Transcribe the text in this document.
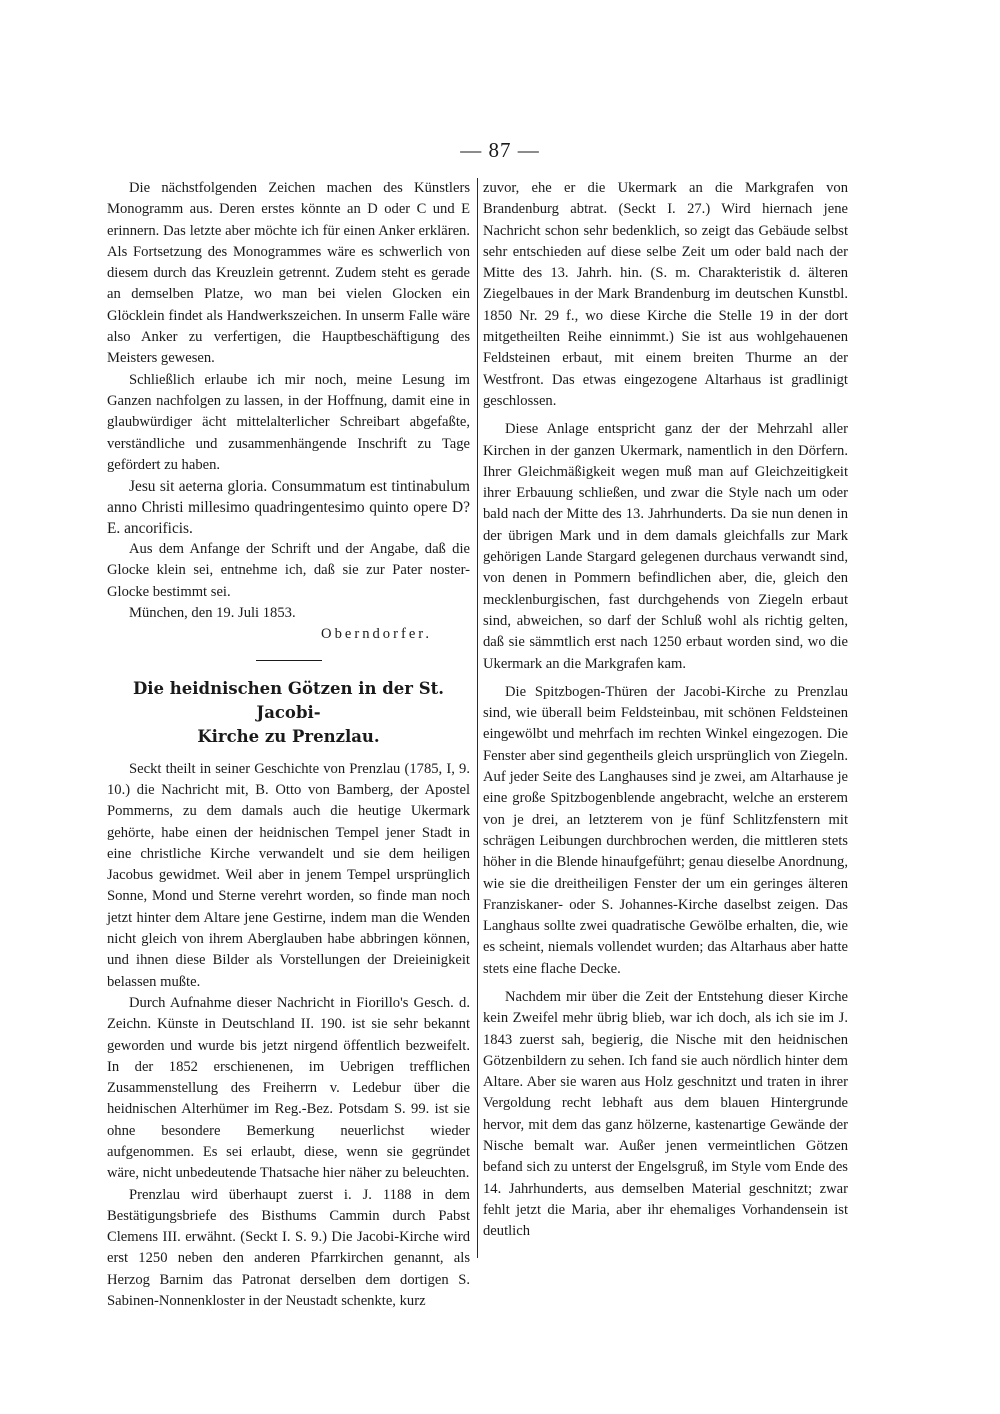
— 87 —

Die nächstfolgenden Zeichen machen des Künstlers Monogramm aus. Deren erstes könnte an D oder C und E erinnern. Das letzte aber möchte ich für einen Anker erklären. Als Fortsetzung des Monogrammes wäre es schwerlich von diesem durch das Kreuzlein getrennt. Zudem steht es gerade an demselben Platze, wo man bei vielen Glocken ein Glöcklein findet als Handwerkszeichen. In unserm Falle wäre also Anker zu verfertigen, die Hauptbeschäftigung des Meisters gewesen.

Schließlich erlaube ich mir noch, meine Lesung im Ganzen nachfolgen zu lassen, in der Hoffnung, damit eine in glaubwürdiger ächt mittelalterlicher Schreibart abgefaßte, verständliche und zusammenhängende Inschrift zu Tage gefördert zu haben.

Jesu sit aeterna gloria. Consummatum est tintinabulum anno Christi millesimo quadringentesimo quinto opere D? E. ancorificis.

Aus dem Anfange der Schrift und der Angabe, daß die Glocke klein sei, entnehme ich, daß sie zur Pater noster-Glocke bestimmt sei.

München, den 19. Juli 1853.

Oberndorfer.
Die heidnischen Götzen in der St. Jacobi-
Kirche zu Prenzlau.

Seckt theilt in seiner Geschichte von Prenzlau (1785, I, 9. 10.) die Nachricht mit, B. Otto von Bamberg, der Apostel Pommerns, zu dem damals auch die heutige Ukermark gehörte, habe einen der heidnischen Tempel jener Stadt in eine christliche Kirche verwandelt und sie dem heiligen Jacobus gewidmet. Weil aber in jenem Tempel ursprünglich Sonne, Mond und Sterne verehrt worden, so finde man noch jetzt hinter dem Altare jene Gestirne, indem man die Wenden nicht gleich von ihrem Aberglauben habe abbringen können, und ihnen diese Bilder als Vorstellungen der Dreieinigkeit belassen mußte.

Durch Aufnahme dieser Nachricht in Fiorillo's Gesch. d. Zeichn. Künste in Deutschland II. 190. ist sie sehr bekannt geworden und wurde bis jetzt nirgend öffentlich bezweifelt. In der 1852 erschienenen, im Uebrigen trefflichen Zusammenstellung des Freiherrn v. Ledebur über die heidnischen Alterhümer im Reg.-Bez. Potsdam S. 99. ist sie ohne besondere Bemerkung neuerlichst wieder aufgenommen. Es sei erlaubt, diese, wenn sie gegründet wäre, nicht unbedeutende Thatsache hier näher zu beleuchten.

Prenzlau wird überhaupt zuerst i. J. 1188 in dem Bestätigungsbriefe des Bisthums Cammin durch Pabst Clemens III. erwähnt. (Seckt I. S. 9.) Die Jacobi-Kirche wird erst 1250 neben den anderen Pfarrkirchen genannt, als Herzog Barnim das Patronat derselben dem dortigen S. Sabinen-Nonnenkloster in der Neustadt schenkte, kurz

zuvor, ehe er die Ukermark an die Markgrafen von Brandenburg abtrat. (Seckt I. 27.) Wird hiernach jene Nachricht schon sehr bedenklich, so zeigt das Gebäude selbst sehr entschieden auf diese selbe Zeit um oder bald nach der Mitte des 13. Jahrh. hin. (S. m. Charakteristik d. älteren Ziegelbaues in der Mark Brandenburg im deutschen Kunstbl. 1850 Nr. 29 f., wo diese Kirche die Stelle 19 in der dort mitgetheilten Reihe einnimmt.) Sie ist aus wohlgehauenen Feldsteinen erbaut, mit einem breiten Thurme an der Westfront. Das etwas eingezogene Altarhaus ist gradlinigt geschlossen.

Diese Anlage entspricht ganz der der Mehrzahl aller Kirchen in der ganzen Ukermark, namentlich in den Dörfern. Ihrer Gleichmäßigkeit wegen muß man auf Gleichzeitigkeit ihrer Erbauung schließen, und zwar die Style nach um oder bald nach der Mitte des 13. Jahrhunderts. Da sie nun denen in der übrigen Mark und in dem damals gleichfalls zur Mark gehörigen Lande Stargard gelegenen durchaus verwandt sind, von denen in Pommern befindlichen aber, die, gleich den mecklenburgischen, fast durchgehends von Ziegeln erbaut sind, abweichen, so darf der Schluß wohl als richtig gelten, daß sie sämmtlich erst nach 1250 erbaut worden sind, wo die Ukermark an die Markgrafen kam.

Die Spitzbogen-Thüren der Jacobi-Kirche zu Prenzlau sind, wie überall beim Feldsteinbau, mit schönen Feldsteinen eingewölbt und mehrfach im rechten Winkel eingezogen. Die Fenster aber sind gegentheils gleich ursprünglich von Ziegeln. Auf jeder Seite des Langhauses sind je zwei, am Altarhause je eine große Spitzbogenblende angebracht, welche an ersterem von je drei, an letzterem von je fünf Schlitzfenstern mit schrägen Leibungen durchbrochen werden, die mittleren stets höher in die Blende hinaufgeführt; genau dieselbe Anordnung, wie sie die dreitheiligen Fenster der um ein geringes älteren Franziskaner- oder S. Johannes-Kirche daselbst zeigen. Das Langhaus sollte zwei quadratische Gewölbe erhalten, die, wie es scheint, niemals vollendet wurden; das Altarhaus aber hatte stets eine flache Decke.

Nachdem mir über die Zeit der Entstehung dieser Kirche kein Zweifel mehr übrig blieb, war ich doch, als ich sie im J. 1843 zuerst sah, begierig, die Nische mit den heidnischen Götzenbildern zu sehen. Ich fand sie auch nördlich hinter dem Altare. Aber sie waren aus Holz geschnitzt und traten in ihrer Vergoldung recht lebhaft aus dem blauen Hintergrunde hervor, mit dem das ganz hölzerne, kastenartige Gewände der Nische bemalt war. Außer jenen vermeintlichen Götzen befand sich zu unterst der Engelsgruß, im Style vom Ende des 14. Jahrhunderts, aus demselben Material geschnitzt; zwar fehlt jetzt die Maria, aber ihr ehemaliges Vorhandensein ist deutlich
